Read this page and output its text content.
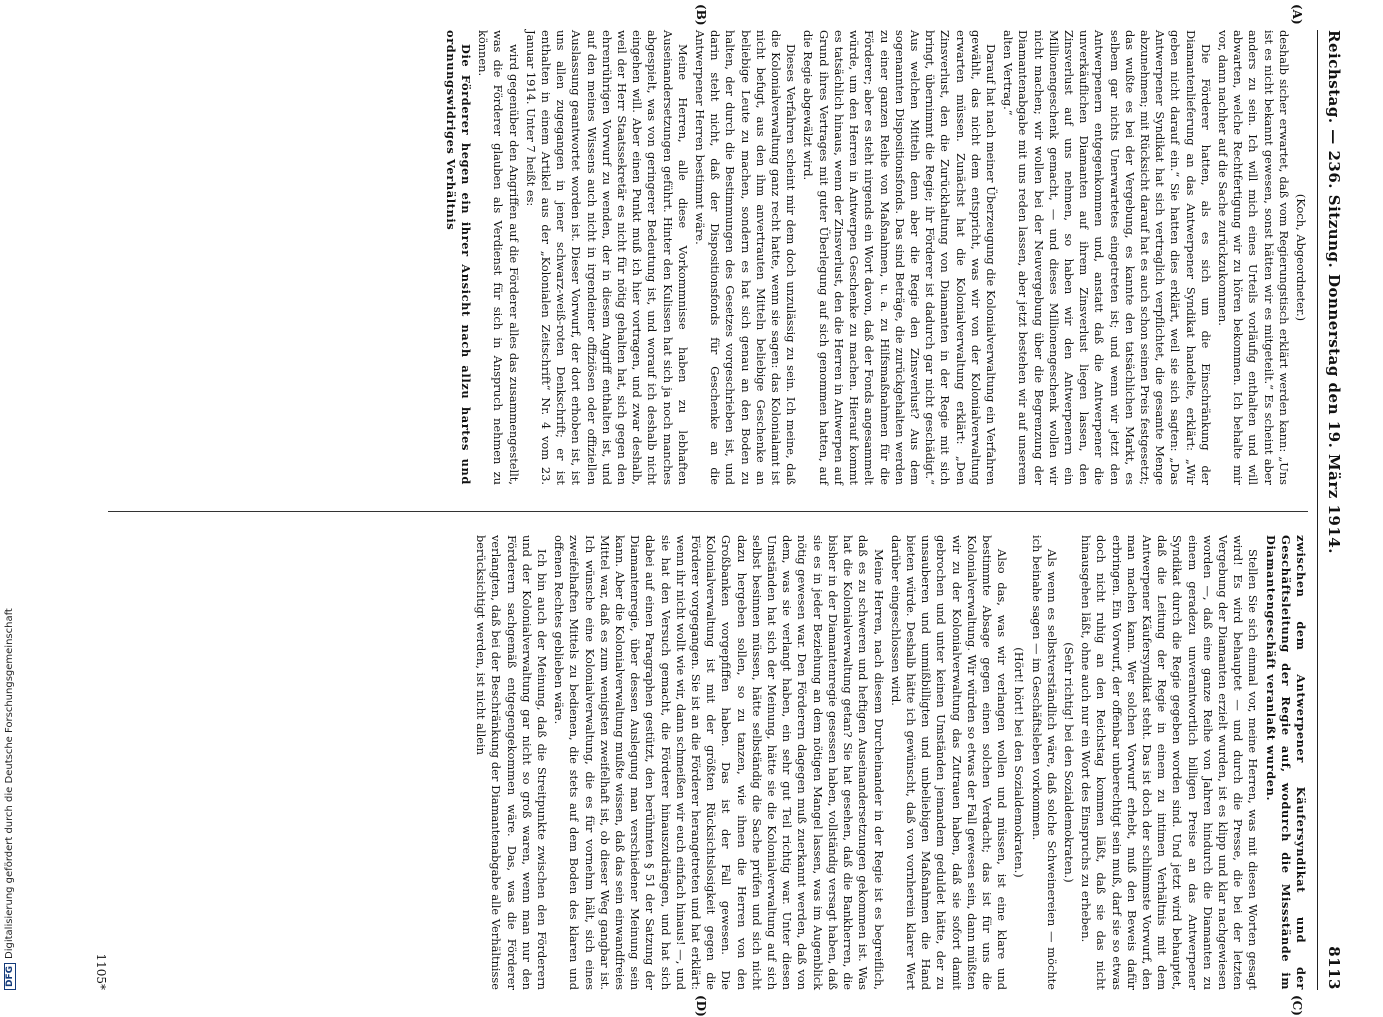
DFGDigitalisierung gefördert durch die Deutsche Forschungsgemeinschaft
Reichstag. — 236. Sitzung. Donnerstag den 19. März 1914.
8113
(A)
(B)
(C)
(D)

(Koch, Abgeordneter.)

deshalb sicher erwartet, daß vom Regierungstisch erklärt werden kann: „Uns ist es nicht bekannt gewesen, sonst hätten wir es mitgeteilt.“ Es scheint aber anders zu sein. Ich will mich eines Urteils vorläufig enthalten und will abwarten, welche Rechtfertigung wir zu hören bekommen. Ich behalte mir vor, dann nachher auf die Sache zurückzukommen.

Die Förderer hatten, als es sich um die Einschränkung der Diamantenlieferung an das Antwerpener Syndikat handelte, erklärt: „Wir geben nicht darauf ein.“ Sie hatten dies erklärt, weil sie sich sagten: „Das Antwerpener Syndikat hat sich vertraglich verpflichtet, die gesamte Menge abzunehmen; mit Rücksicht darauf hat es auch schon seinen Preis festgesetzt; das wußte es bei der Vergebung, es kannte den tatsächlichen Markt, es selbem gar nichts Unerwartetes eingetreten ist; und wenn wir jetzt den Antwerpenern entgegenkommen und, anstatt daß die Antwerpener die unverkäuflichen Diamanten auf ihrem Zinsverlust liegen lassen, den Zinsverlust auf uns nehmen, so haben wir den Antwerpenern ein Millionengeschenk gemacht, — und dieses Millionengeschenk wollen wir nicht machen; wir wollen bei der Neuvergebung über die Begrenzung der Diamantenabgabe mit uns reden lassen, aber jetzt bestehen wir auf unserem alten Vertrag.“

Darauf hat nach meiner Überzeugung die Kolonialverwaltung ein Verfahren gewählt, das nicht dem entspricht, was wir von der Kolonialverwaltung erwarten müssen. Zunächst hat die Kolonialverwaltung erklärt: „Den Zinsverlust, den die Zurückhaltung von Diamanten in der Regie mit sich bringt, übernimmt die Regie; ihr Förderer ist dadurch gar nicht geschädigt.“ Aus welchen Mitteln denn aber die Regie den Zinsverlust? Aus dem sogenannten Dispositionsfonds. Das sind Beträge, die zurückgehalten werden zu einer ganzen Reihe von Maßnahmen, u. a. zu Hilfsmaßnahmen für die Förderer; aber es steht nirgends ein Wort davon, daß der Fonds angesammelt würde, um den Herren in Antwerpen Geschenke zu machen. Hierauf kommt es tatsächlich hinaus, wenn der Zinsverlust, den die Herren in Antwerpen auf Grund ihres Vertrages mit guter Überlegung auf sich genommen hatten, auf die Regie abgewälzt wird.

Dieses Verfahren scheint mir dem doch unzulässig zu sein. Ich meine, daß die Kolonialverwaltung ganz recht hatte, wenn sie sagen: das Kolonialamt ist nicht befugt, aus den ihm anvertrauten Mitteln beliebige Geschenke an beliebige Leute zu machen, sondern es hat sich genau an den Boden zu halten, der durch die Bestimmungen des Gesetzes vorgeschrieben ist, und darin steht nicht, daß der Dispositionsfonds für Geschenke an die Antwerpener Herren bestimmt wäre.

Meine Herren, alle diese Vorkommnisse haben zu lebhaften Auseinandersetzungen geführt. Hinter den Kulissen hat sich ja noch manches abgespielt, was von geringerer Bedeutung ist, und worauf ich deshalb nicht eingehen will. Aber einen Punkt muß ich hier vortragen, und zwar deshalb, weil der Herr Staatssekretär es nicht für nötig gehalten hat, sich gegen den ehrenrührigen Vorwurf zu wenden, der in diesem Angriff enthalten ist, und auf den meines Wissens auch nicht in irgendeiner offiziösen oder offiziellen Auslassung geantwortet worden ist. Dieser Vorwurf, der dort erhoben ist, ist uns allen zugegangen in jener schwarz-weiß-roten Denkschrift; er ist enthalten in einem Artikel aus der „Kolonialen Zeitschrift“ Nr. 4 vom 23. Januar 1914. Unter 7 heißt es:

wird gegenüber den Angriffen auf die Förderer alles das zusammengestellt, was die Förderer glauben als Verdienst für sich in Anspruch nehmen zu können.

Die Förderer hegen ein ihrer Ansicht nach allzu hartes und ordnungswidriges Verhältnis

zwischen dem Antwerpener Käufersyndikat und der Geschäftsleitung der Regie auf, wodurch die Missstände im Diamantengeschäft veranlaßt wurden.

Stellen Sie sich einmal vor, meine Herren, was mit diesen Worten gesagt wird! Es wird behauptet — und durch die Presse, die bei der letzten Vergebung der Diamanten erzielt wurden, ist es klipp und klar nachgewiesen worden —, daß eine ganze Reihe von Jahren hindurch die Diamanten zu einem geradezu unverantwortlich billigen Preise an das Antwerpener Syndikat durch die Regie gegeben worden sind. Und jetzt wird behauptet, daß die Leitung der Regie in einem zu intimen Verhältnis mit dem Antwerpener Käufersyndikat steht. Das ist doch der schlimmste Vorwurf, den man machen kann. Wer solchen Vorwurf erhebt, muß den Beweis dafür erbringen. Ein Vorwurf, der offenbar unberechtigt sein muß, darf sie so etwas doch nicht ruhig an den Reichstag kommen läßt, daß sie das nicht hinausgehen läßt, ohne auch nur ein Wort des Einspruchs zu erheben.

(Sehr richtig! bei den Sozialdemokraten.)

Als wenn es selbstverständlich wäre, daß solche Schweinereien — möchte ich beinahe sagen — im Geschäftsleben vorkommen.

(Hört! hört! bei den Sozialdemokraten.)

Also das, was wir verlangen wollen und müssen, ist eine klare und bestimmte Absage gegen einen solchen Verdacht; das ist für uns die Kolonialverwaltung. Wir würden so etwas der Fall gewesen sein, dann müßten wir zu der Kolonialverwaltung das Zutrauen haben, daß sie sofort damit gebrochen und unter keinen Umständen jemandem geduldet hätte, der zu unsauberen und unmißbilligten und unbeliebigen Maßnahmen die Hand bieten würde. Deshalb hätte ich gewünscht, daß von vornherein klarer Wert darüber eingeschlossen wird.

Meine Herren, nach diesem Durcheinander in der Regie ist es begreiflich, daß es zu schweren und heftigen Auseinandersetzungen gekommen ist. Was hat die Kolonialverwaltung getan? Sie hat gesehen, daß die Bankherren, die bisher in der Diamantenregie gesessen haben, vollständig versagt haben, daß sie es in jeder Beziehung an dem nötigen Mangel lassen, was im Augenblick nötig gewesen war. Den Förderern dagegen muß zuerkannt werden, daß von dem, was sie verlangt haben, ein sehr gut Teil richtig war. Unter diesen Umständen hat sich der Meinung, hätte sie die Kolonialverwaltung auf sich selbst besinnen müssen, hätte selbständig die Sache prüfen und sich nicht dazu hergeben sollen, so zu tanzen, wie ihnen die Herren von den Großbanken vorgepfiffen haben. Das ist der Fall gewesen. Die Kolonialverwaltung ist mit der größten Rücksichtslosigkeit gegen die Förderer vorgegangen. Sie ist an die Förderer herangetreten und hat erklärt: wenn ihr nicht wollt wie wir, dann schmeißen wir euch einfach hinaus! —, und sie hat den Versuch gemacht, die Förderer hinauszudrängen, und hat sich dabei auf einen Paragraphen gestützt, den berühmten § 51 der Satzung der Diamantenregie, über dessen Auslegung man verschiedener Meinung sein kann. Aber die Kolonialverwaltung mußte wissen, daß das sein einwandfreies Mittel war, daß es zum wenigsten zweifelhaft ist, ob dieser Weg gangbar ist. Ich wünsche eine Kolonialverwaltung, die es für vornehm hält, sich eines zweifelhaften Mittels zu bedienen, die stets auf dem Boden des klaren und offenen Rechtes geblieben wäre.

Ich bin auch der Meinung, daß die Streitpunkte zwischen den Förderern und der Kolonialverwaltung gar nicht so groß waren, wenn man nur den Förderern sachgemäß entgegengekommen wäre. Das, was die Förderer verlangten, daß bei der Beschränkung der Diamantenabgabe alle Verhältnisse berücksichtigt werden, ist nicht allein

1105*
